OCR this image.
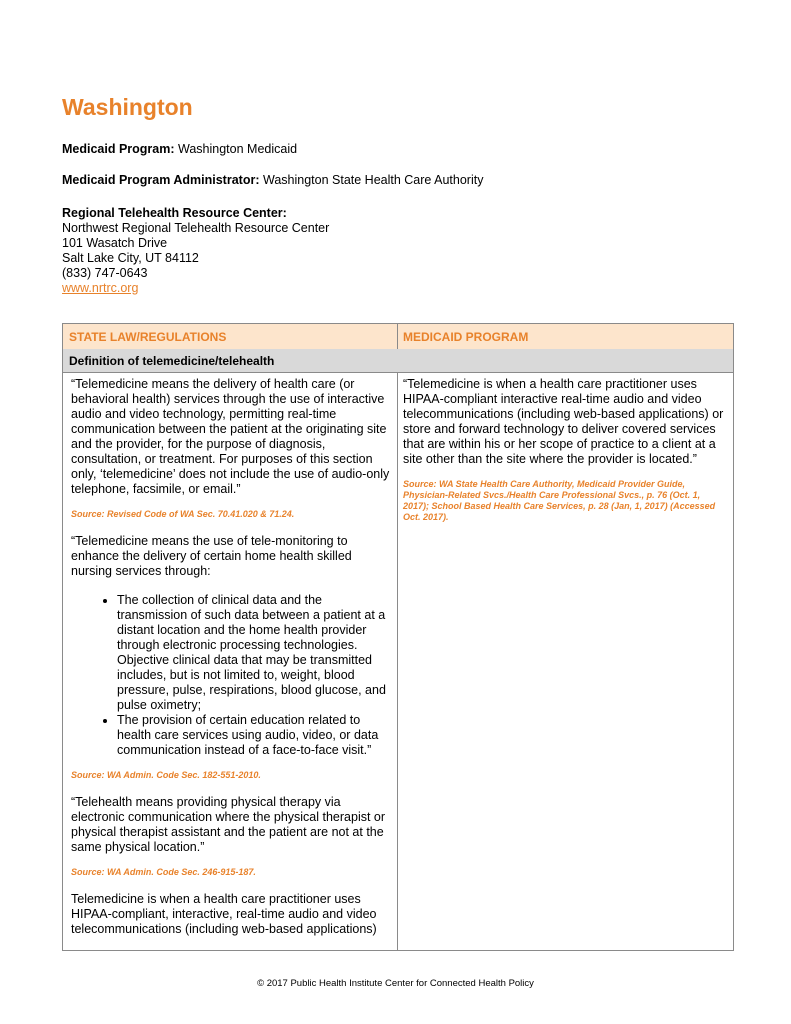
Washington
Medicaid Program: Washington Medicaid
Medicaid Program Administrator: Washington State Health Care Authority
Regional Telehealth Resource Center:
Northwest Regional Telehealth Resource Center
101 Wasatch Drive
Salt Lake City, UT 84112
(833) 747-0643
www.nrtrc.org
STATE LAW/REGULATIONS	MEDICAID PROGRAM
Definition of telemedicine/telehealth

“Telemedicine means the delivery of health care (or behavioral health) services through the use of interactive audio and video technology, permitting real-time communication between the patient at the originating site and the provider, for the purpose of diagnosis, consultation, or treatment. For purposes of this section only, ‘telemedicine’ does not include the use of audio-only telephone, facsimile, or email.”

Source: Revised Code of WA Sec. 70.41.020 & 71.24.

“Telemedicine means the use of tele-monitoring to enhance the delivery of certain home health skilled nursing services through:

• The collection of clinical data and the transmission of such data between a patient at a distant location and the home health provider through electronic processing technologies. Objective clinical data that may be transmitted includes, but is not limited to, weight, blood pressure, pulse, respirations, blood glucose, and pulse oximetry;
• The provision of certain education related to health care services using audio, video, or data communication instead of a face-to-face visit.”

Source: WA Admin. Code Sec. 182-551-2010.

“Telehealth means providing physical therapy via electronic communication where the physical therapist or physical therapist assistant and the patient are not at the same physical location.”

Source: WA Admin. Code Sec. 246-915-187.

Telemedicine is when a health care practitioner uses HIPAA-compliant, interactive, real-time audio and video telecommunications (including web-based applications)

“Telemedicine is when a health care practitioner uses HIPAA-compliant interactive real-time audio and video telecommunications (including web-based applications) or store and forward technology to deliver covered services that are within his or her scope of practice to a client at a site other than the site where the provider is located.”

Source: WA State Health Care Authority, Medicaid Provider Guide, Physician-Related Svcs./Health Care Professional Svcs., p. 76 (Oct. 1, 2017); School Based Health Care Services, p. 28 (Jan, 1, 2017) (Accessed Oct. 2017).

© 2017 Public Health Institute Center for Connected Health Policy
